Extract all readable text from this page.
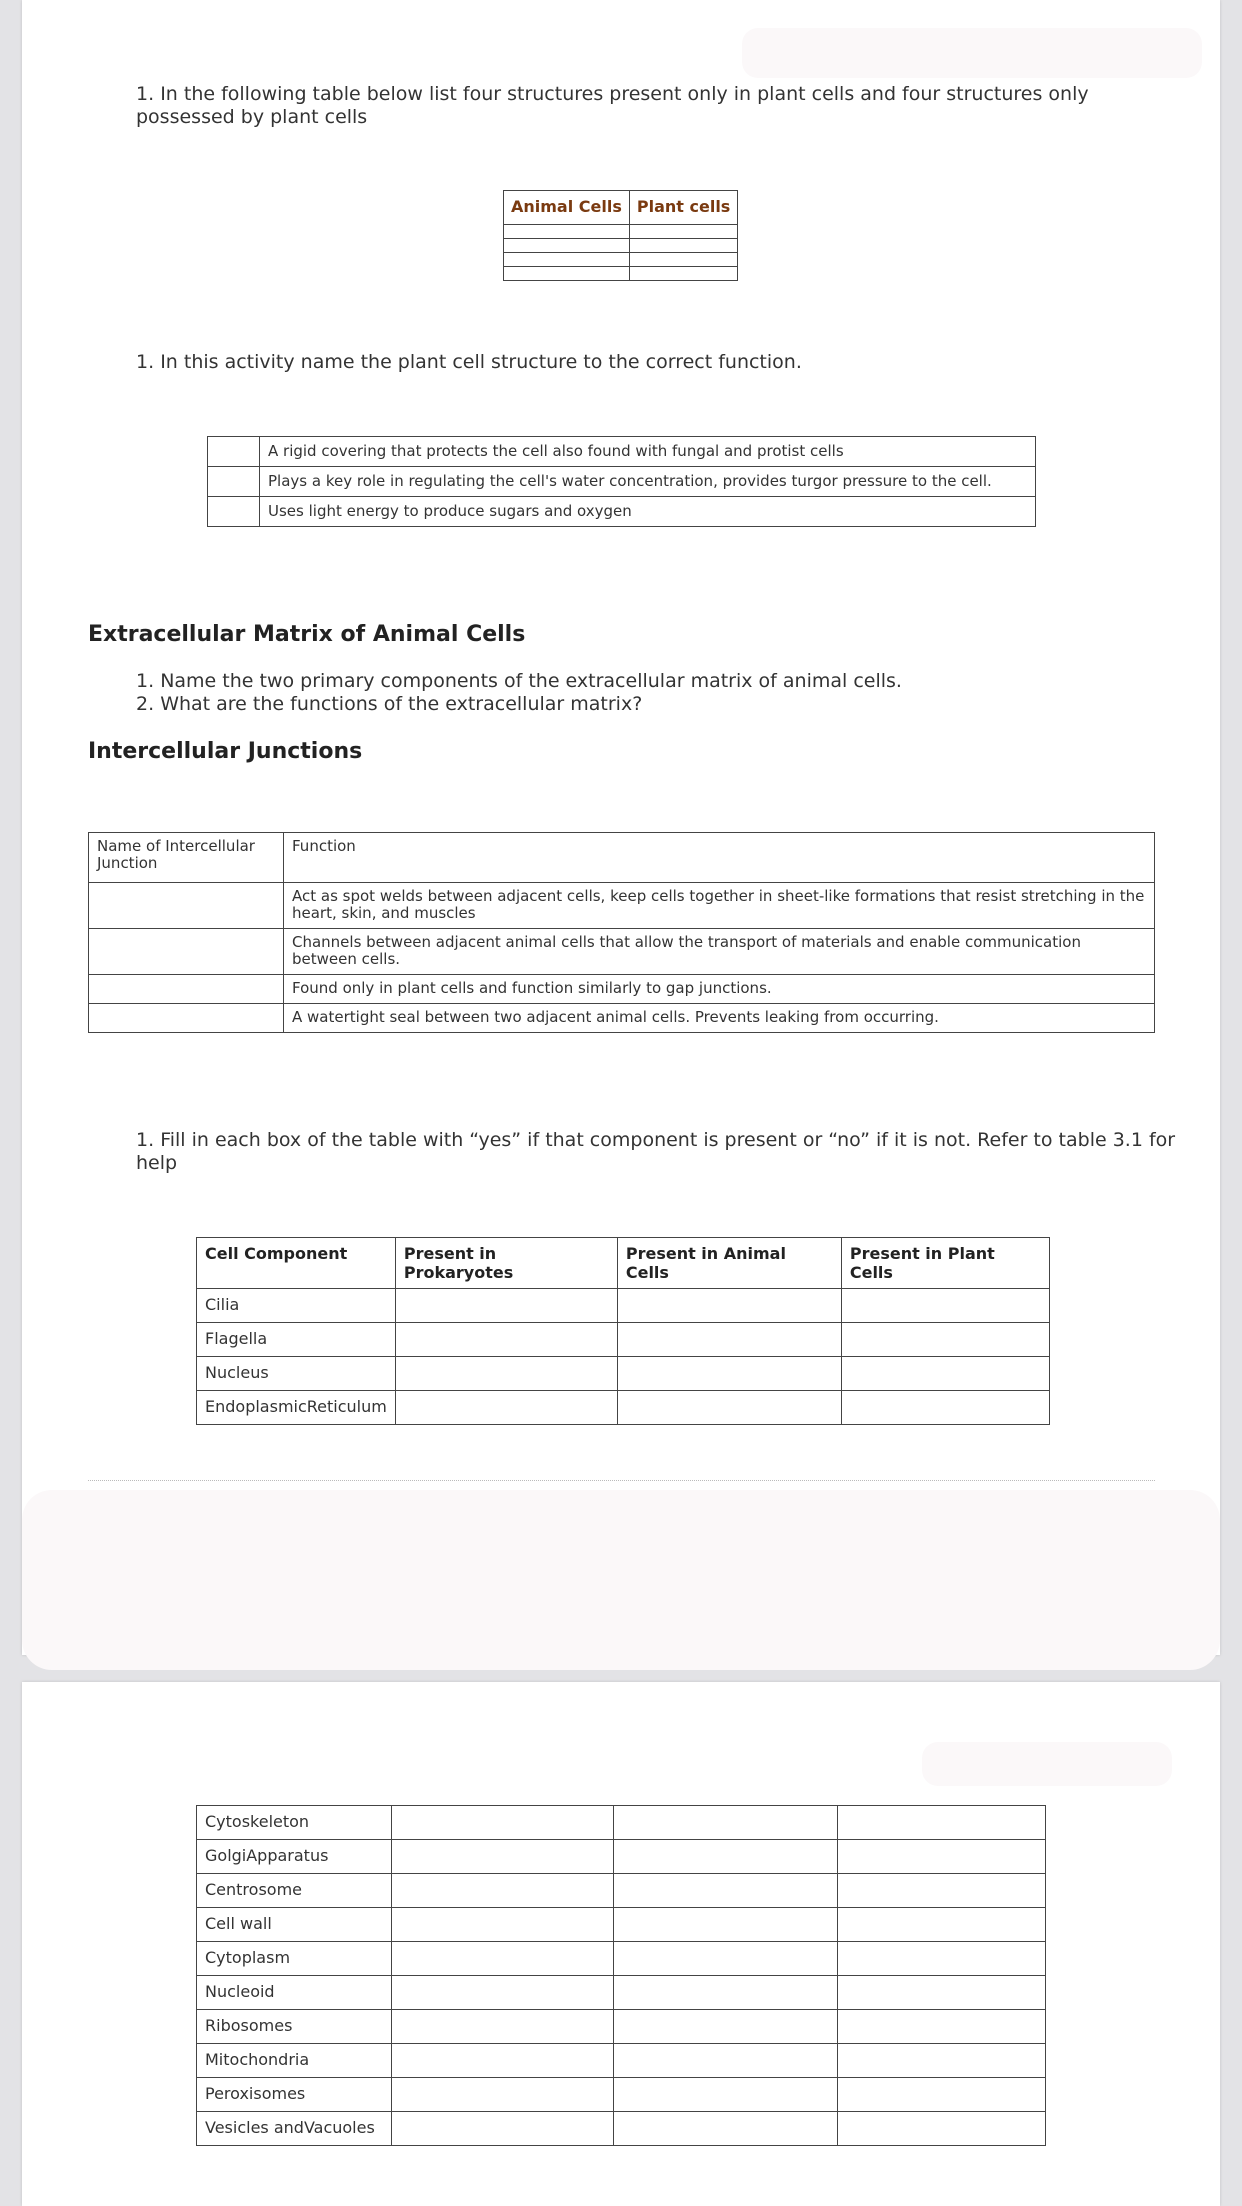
1. In the following table below list four structures present only in plant cells and four structures only possessed by plant cells
Animal Cells	Plant cells

1. In this activity name the plant cell structure to the correct function.
	A rigid covering that protects the cell also found with fungal and protist cells
	Plays a key role in regulating the cell's water concentration, provides turgor pressure to the cell.
	Uses light energy to produce sugars and oxygen
Extracellular Matrix of Animal Cells
1. Name the two primary components of the extracellular matrix of animal cells.
2. What are the functions of the extracellular matrix?
Intercellular Junctions
Name of Intercellular Junction	Function
	Act as spot welds between adjacent cells, keep cells together in sheet-like formations that resist stretching in the heart, skin, and muscles
	Channels between adjacent animal cells that allow the transport of materials and enable communication between cells.
	Found only in plant cells and function similarly to gap junctions.
	A watertight seal between two adjacent animal cells. Prevents leaking from occurring.
1. Fill in each box of the table with “yes” if that component is present or “no” if it is not. Refer to table 3.1 for help
Cell Component	Present in Prokaryotes	Present in Animal Cells	Present in Plant Cells
Cilia			
Flagella			
Nucleus			
EndoplasmicReticulum			
Cytoskeleton			
GolgiApparatus			
Centrosome			
Cell wall			
Cytoplasm			
Nucleoid			
Ribosomes			
Mitochondria			
Peroxisomes			
Vesicles andVacuoles			
